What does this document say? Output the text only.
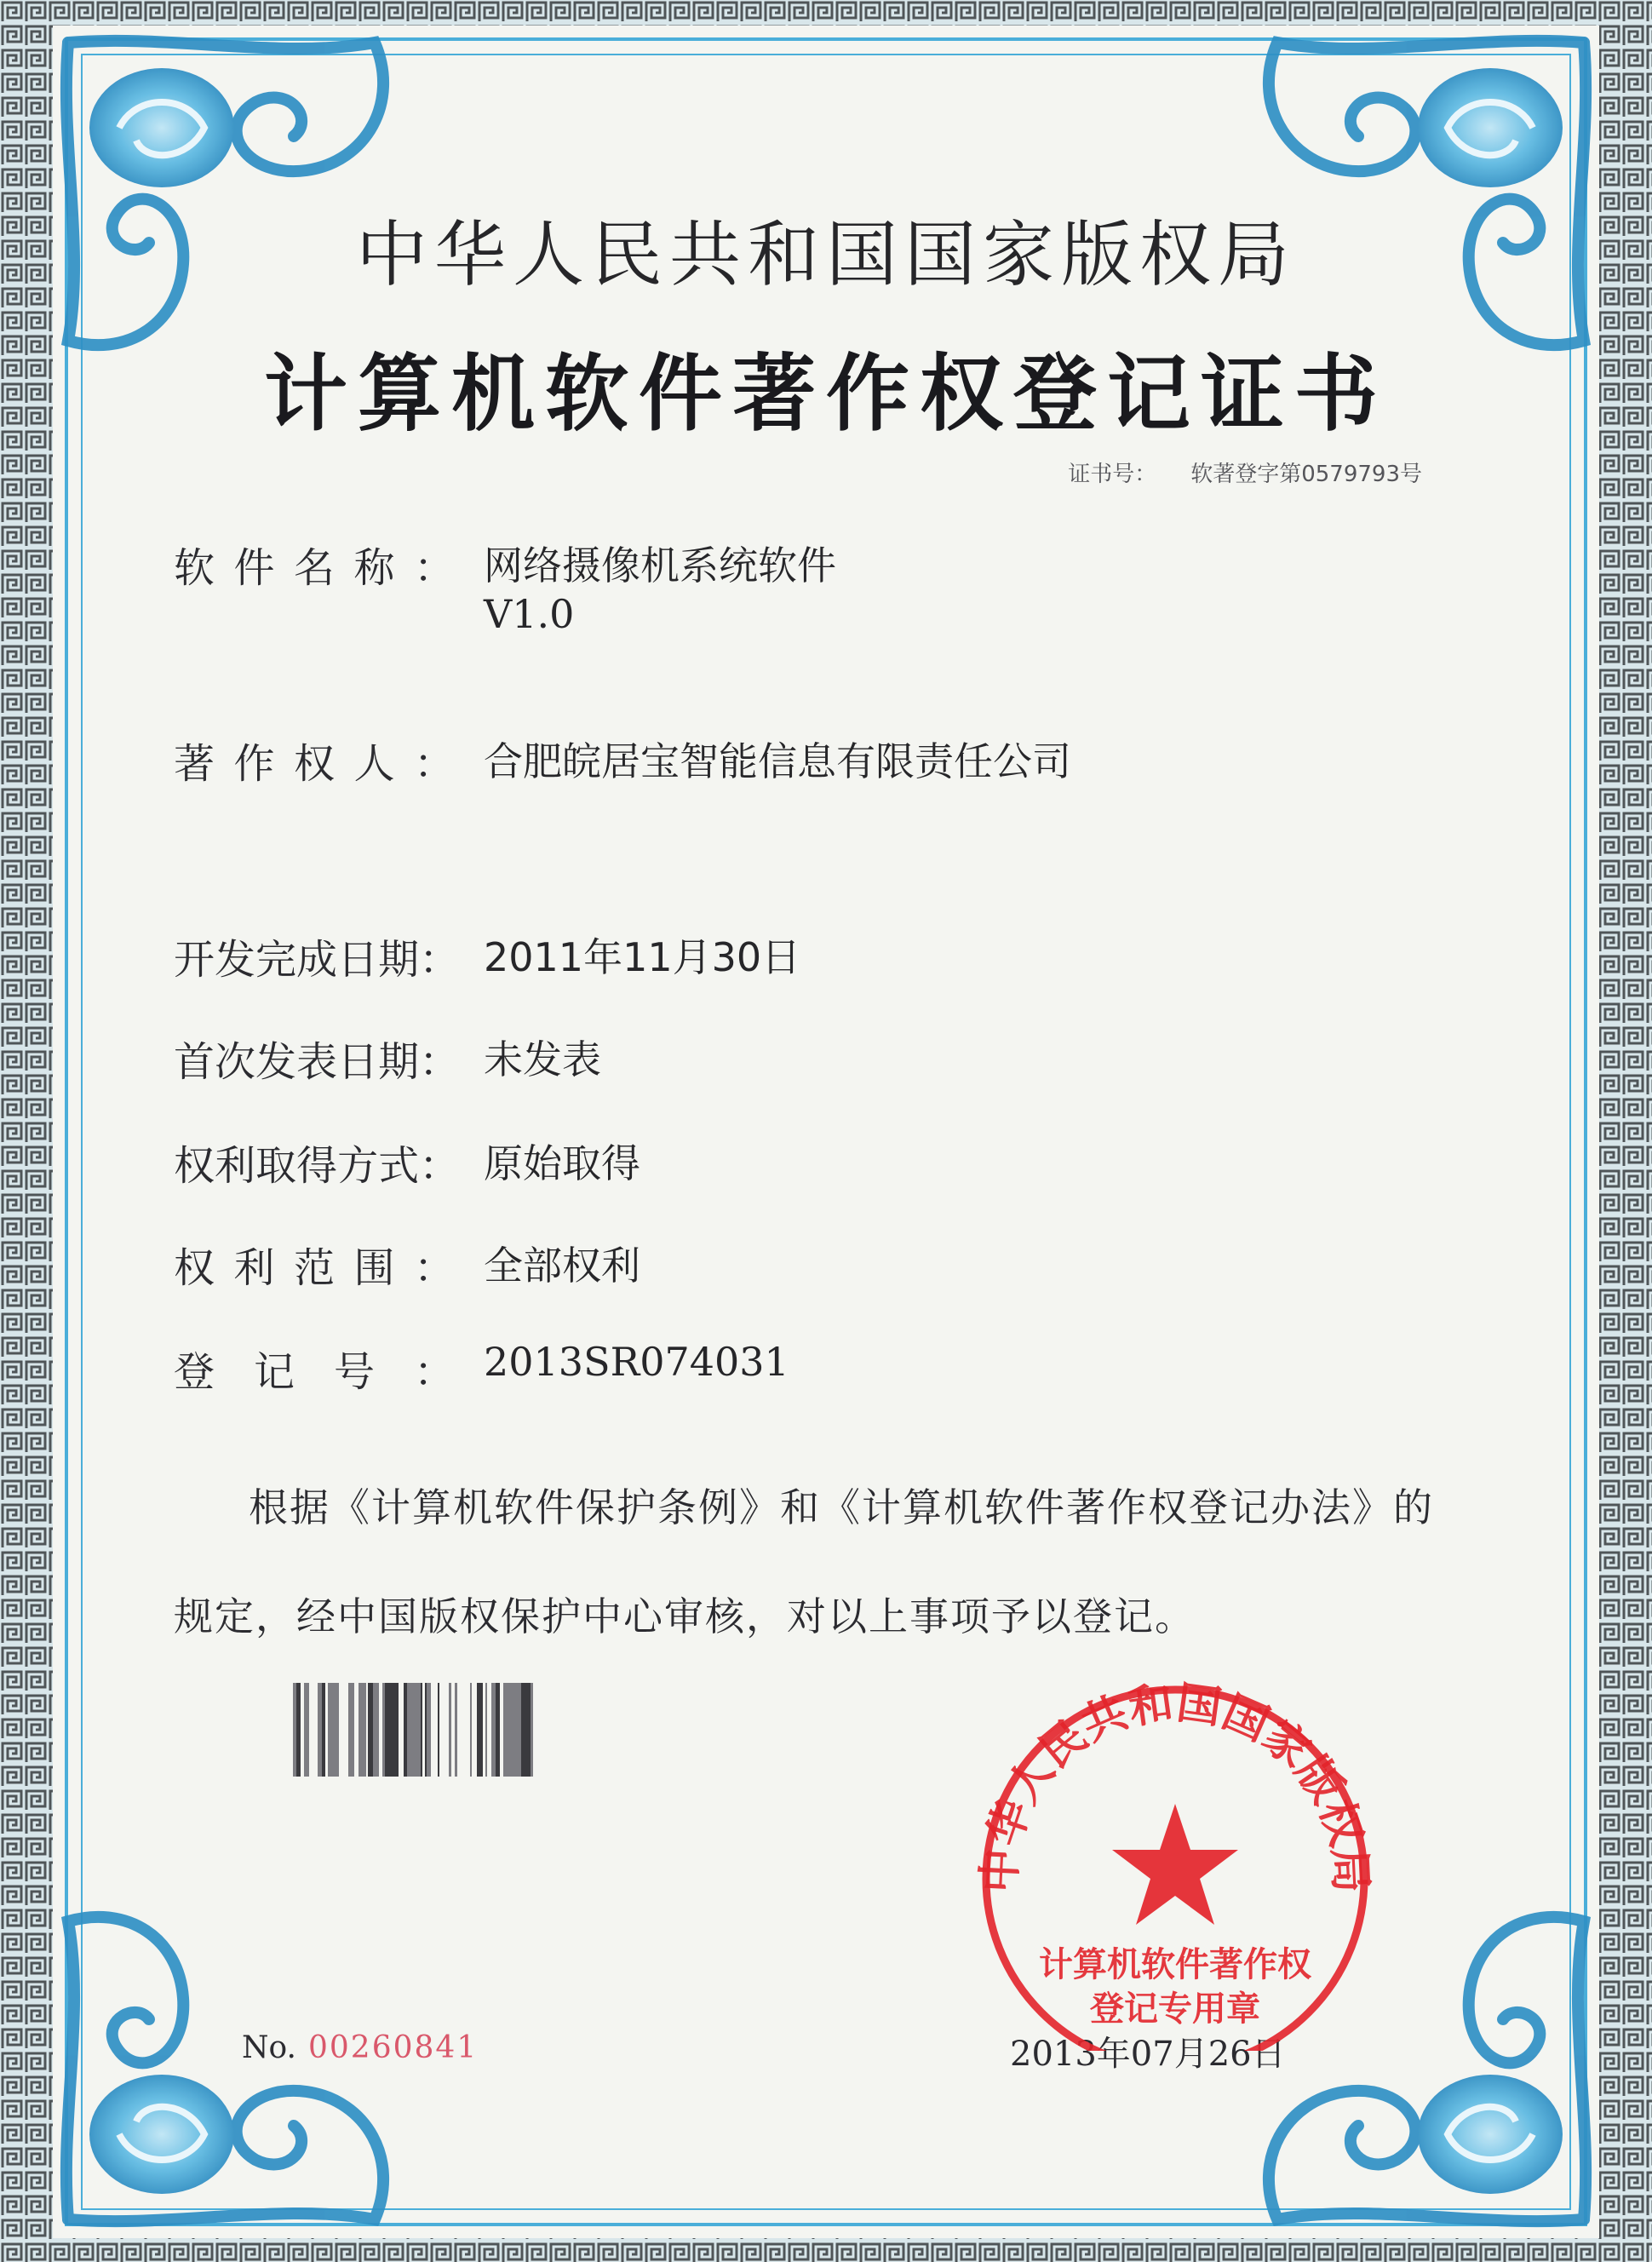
中华人民共和国国家版权局
计算机软件著作权登记证书
证书号： 软著登字第0579793号
软 件 名 称 ： 网络摄像机系统软件
V1.0
著 作 权 人 ： 合肥皖居宝智能信息有限责任公司
开 发 完 成 日 期 ： 2011年11月30日
首 次 发 表 日 期 ： 未发表
权 利 取 得 方 式 ： 原始取得
权 利 范 围 ： 全部权利
登 记 号 ： 2013SR074031
根据《计算机软件保护条例》和《计算机软件著作权登记办法》的
规定，经中国版权保护中心审核，对以上事项予以登记。
No. 00260841	2013年07月26日
中华人民共和国国家版权局
计算机软件著作权
登记专用章
